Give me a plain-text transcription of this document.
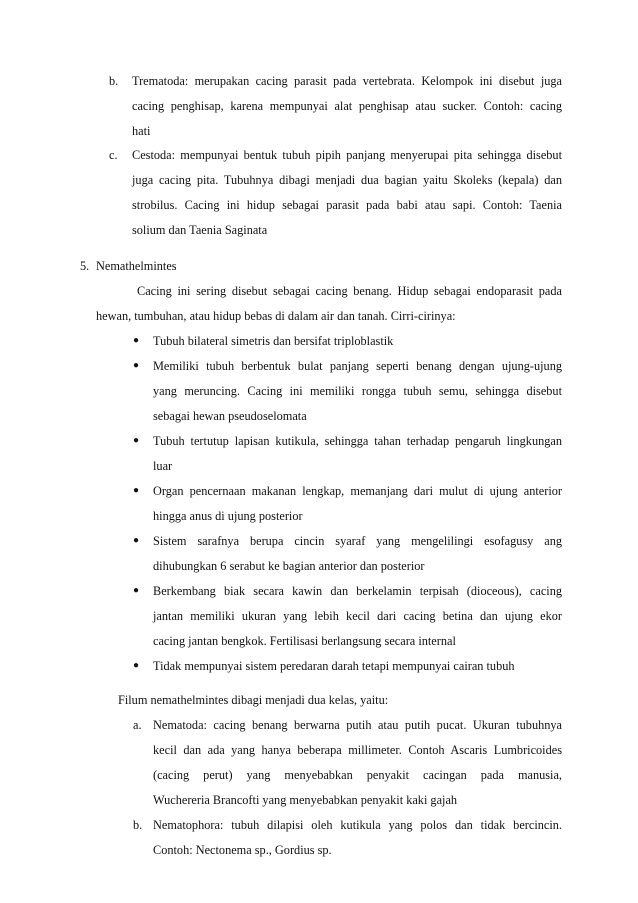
b. Trematoda: merupakan cacing parasit pada vertebrata. Kelompok ini disebut juga
cacing penghisap, karena mempunyai alat penghisap atau sucker. Contoh: cacing
hati
c. Cestoda: mempunyai bentuk tubuh pipih panjang menyerupai pita sehingga disebut
juga cacing pita. Tubuhnya dibagi menjadi dua bagian yaitu Skoleks (kepala) dan
strobilus. Cacing ini hidup sebagai parasit pada babi atau sapi. Contoh: Taenia
solium dan Taenia Saginata
5. Nemathelmintes
Cacing ini sering disebut sebagai cacing benang. Hidup sebagai endoparasit pada
hewan, tumbuhan, atau hidup bebas di dalam air dan tanah. Cirri-cirinya:
● Tubuh bilateral simetris dan bersifat triploblastik
● Memiliki tubuh berbentuk bulat panjang seperti benang dengan ujung-ujung
yang meruncing. Cacing ini memiliki rongga tubuh semu, sehingga disebut
sebagai hewan pseudoselomata
● Tubuh tertutup lapisan kutikula, sehingga tahan terhadap pengaruh lingkungan
luar
● Organ pencernaan makanan lengkap, memanjang dari mulut di ujung anterior
hingga anus di ujung posterior
● Sistem sarafnya berupa cincin syaraf yang mengelilingi esofagusy ang
dihubungkan 6 serabut ke bagian anterior dan posterior
● Berkembang biak secara kawin dan berkelamin terpisah (dioceous), cacing
jantan memiliki ukuran yang lebih kecil dari cacing betina dan ujung ekor
cacing jantan bengkok. Fertilisasi berlangsung secara internal
● Tidak mempunyai sistem peredaran darah tetapi mempunyai cairan tubuh
Filum nemathelmintes dibagi menjadi dua kelas, yaitu:
a. Nematoda: cacing benang berwarna putih atau putih pucat. Ukuran tubuhnya
kecil dan ada yang hanya beberapa millimeter. Contoh Ascaris Lumbricoides
(cacing perut) yang menyebabkan penyakit cacingan pada manusia,
Wuchereria Brancofti yang menyebabkan penyakit kaki gajah
b. Nematophora: tubuh dilapisi oleh kutikula yang polos dan tidak bercincin.
Contoh: Nectonema sp., Gordius sp.
